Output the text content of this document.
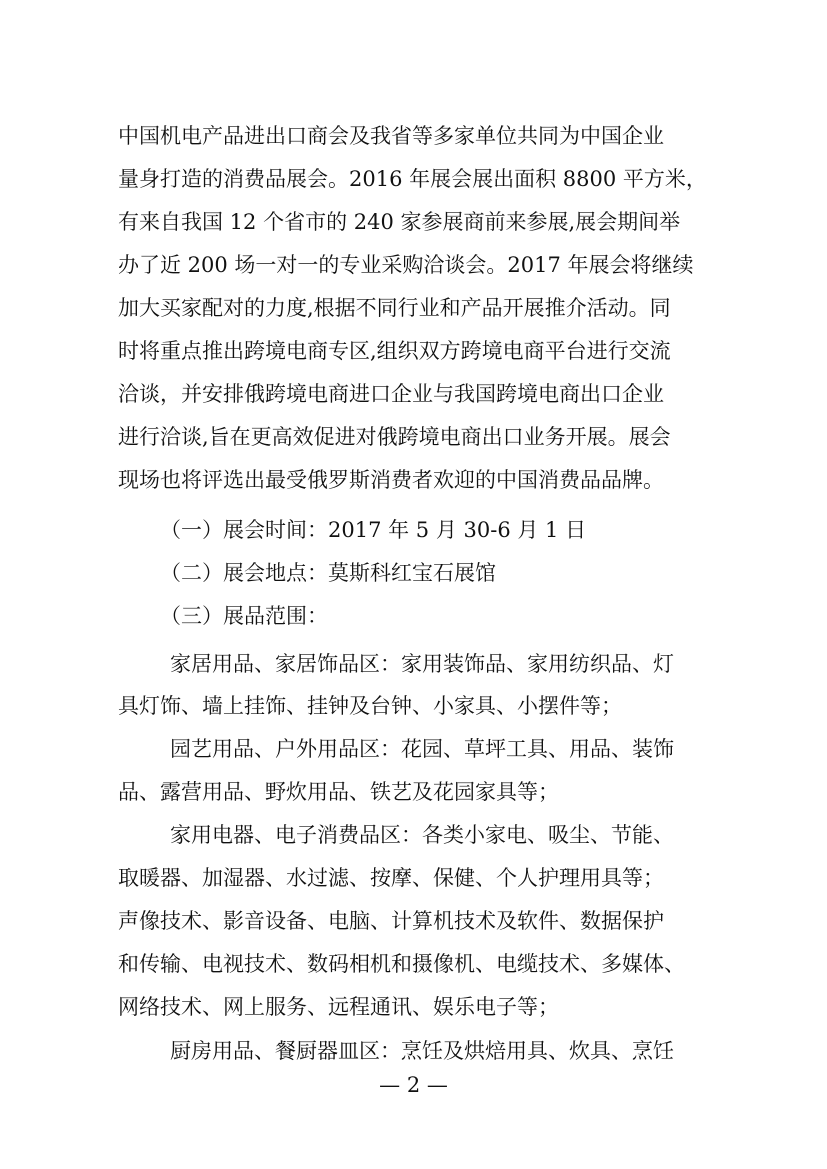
中国机电产品进出口商会及我省等多家单位共同为中国企业
量身打造的消费品展会。2016 年展会展出面积 8800 平方米，
有来自我国 12 个省市的 240 家参展商前来参展,展会期间举
办了近 200 场一对一的专业采购洽谈会。2017 年展会将继续
加大买家配对的力度,根据不同行业和产品开展推介活动。同
时将重点推出跨境电商专区,组织双方跨境电商平台进行交流
洽谈，并安排俄跨境电商进口企业与我国跨境电商出口企业
进行洽谈,旨在更高效促进对俄跨境电商出口业务开展。展会
现场也将评选出最受俄罗斯消费者欢迎的中国消费品品牌。
（一）展会时间：2017 年 5 月 30-6 月 1 日
（二）展会地点：莫斯科红宝石展馆
（三）展品范围：
家居用品、家居饰品区：家用装饰品、家用纺织品、灯
具灯饰、墙上挂饰、挂钟及台钟、小家具、小摆件等；
园艺用品、户外用品区：花园、草坪工具、用品、装饰
品、露营用品、野炊用品、铁艺及花园家具等；
家用电器、电子消费品区：各类小家电、吸尘、节能、
取暖器、加湿器、水过滤、按摩、保健、个人护理用具等；
声像技术、影音设备、电脑、计算机技术及软件、数据保护
和传输、电视技术、数码相机和摄像机、电缆技术、多媒体、
网络技术、网上服务、远程通讯、娱乐电子等；
厨房用品、餐厨器皿区：烹饪及烘焙用具、炊具、烹饪
— 2 —
